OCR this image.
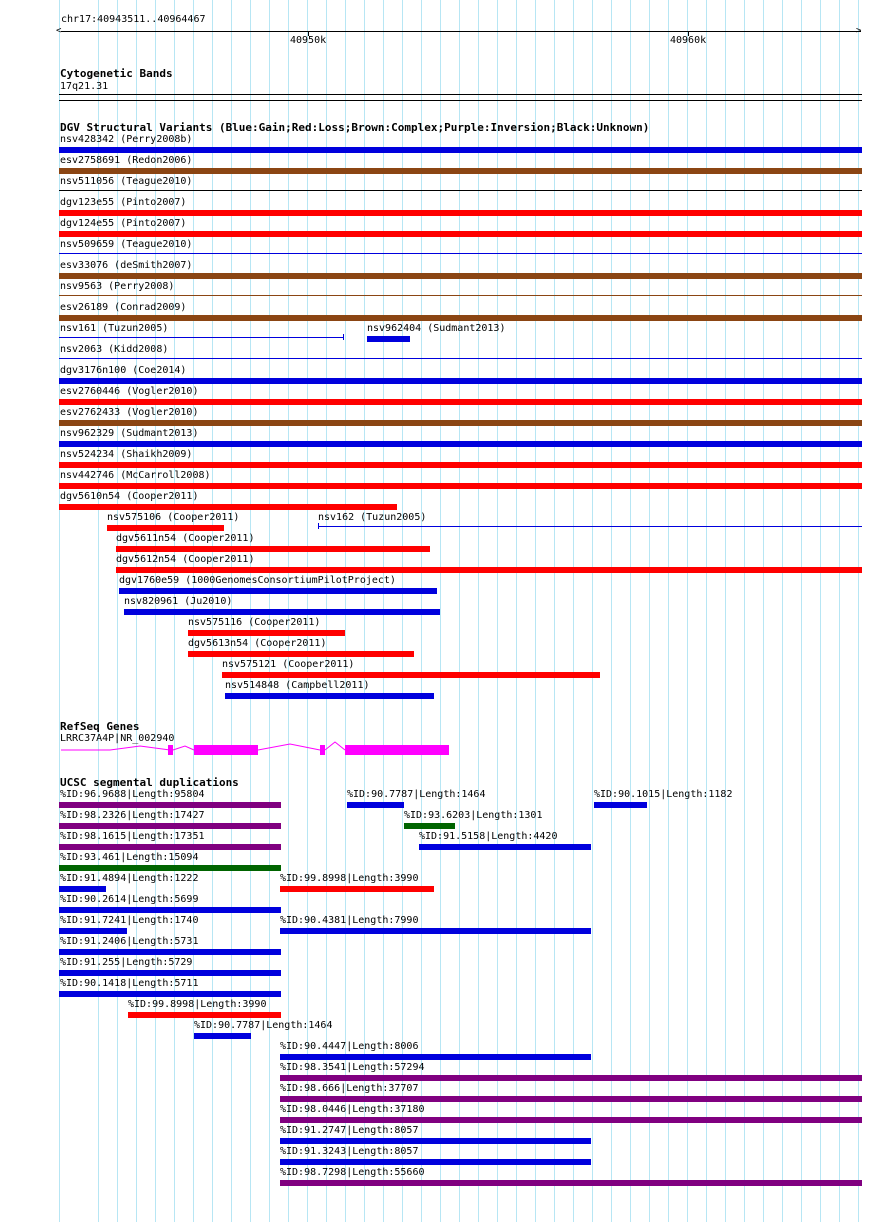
chr17:40943511..40964467
<	>
40950k	40960k
Cytogenetic Bands
17q21.31
DGV Structural Variants (Blue:Gain;Red:Loss;Brown:Complex;Purple:Inversion;Black:Unknown)
nsv428342 (Perry2008b)
esv2758691 (Redon2006)
nsv511056 (Teague2010)
dgv123e55 (Pinto2007)
dgv124e55 (Pinto2007)
nsv509659 (Teague2010)
esv33076 (deSmith2007)
nsv9563 (Perry2008)
esv26189 (Conrad2009)
nsv161 (Tuzun2005)	nsv962404 (Sudmant2013)
nsv2063 (Kidd2008)
dgv3176n100 (Coe2014)
esv2760446 (Vogler2010)
esv2762433 (Vogler2010)
nsv962329 (Sudmant2013)
nsv524234 (Shaikh2009)
nsv442746 (McCarroll2008)
dgv5610n54 (Cooper2011)
nsv575106 (Cooper2011)	nsv162 (Tuzun2005)
dgv5611n54 (Cooper2011)
dgv5612n54 (Cooper2011)
dgv1760e59 (1000GenomesConsortiumPilotProject)
nsv820961 (Ju2010)
nsv575116 (Cooper2011)
dgv5613n54 (Cooper2011)
nsv575121 (Cooper2011)
nsv514848 (Campbell2011)
RefSeq Genes
LRRC37A4P|NR_002940
UCSC segmental duplications
%ID:96.9688|Length:95804	%ID:90.7787|Length:1464	%ID:90.1015|Length:1182
%ID:98.2326|Length:17427	%ID:93.6203|Length:1301
%ID:98.1615|Length:17351	%ID:91.5158|Length:4420
%ID:93.461|Length:15094
%ID:91.4894|Length:1222	%ID:99.8998|Length:3990
%ID:90.2614|Length:5699
%ID:91.7241|Length:1740	%ID:90.4381|Length:7990
%ID:91.2406|Length:5731
%ID:91.255|Length:5729
%ID:90.1418|Length:5711
%ID:99.8998|Length:3990
%ID:90.7787|Length:1464
%ID:90.4447|Length:8006
%ID:98.3541|Length:57294
%ID:98.666|Length:37707
%ID:98.0446|Length:37180
%ID:91.2747|Length:8057
%ID:91.3243|Length:8057
%ID:98.7298|Length:55660
